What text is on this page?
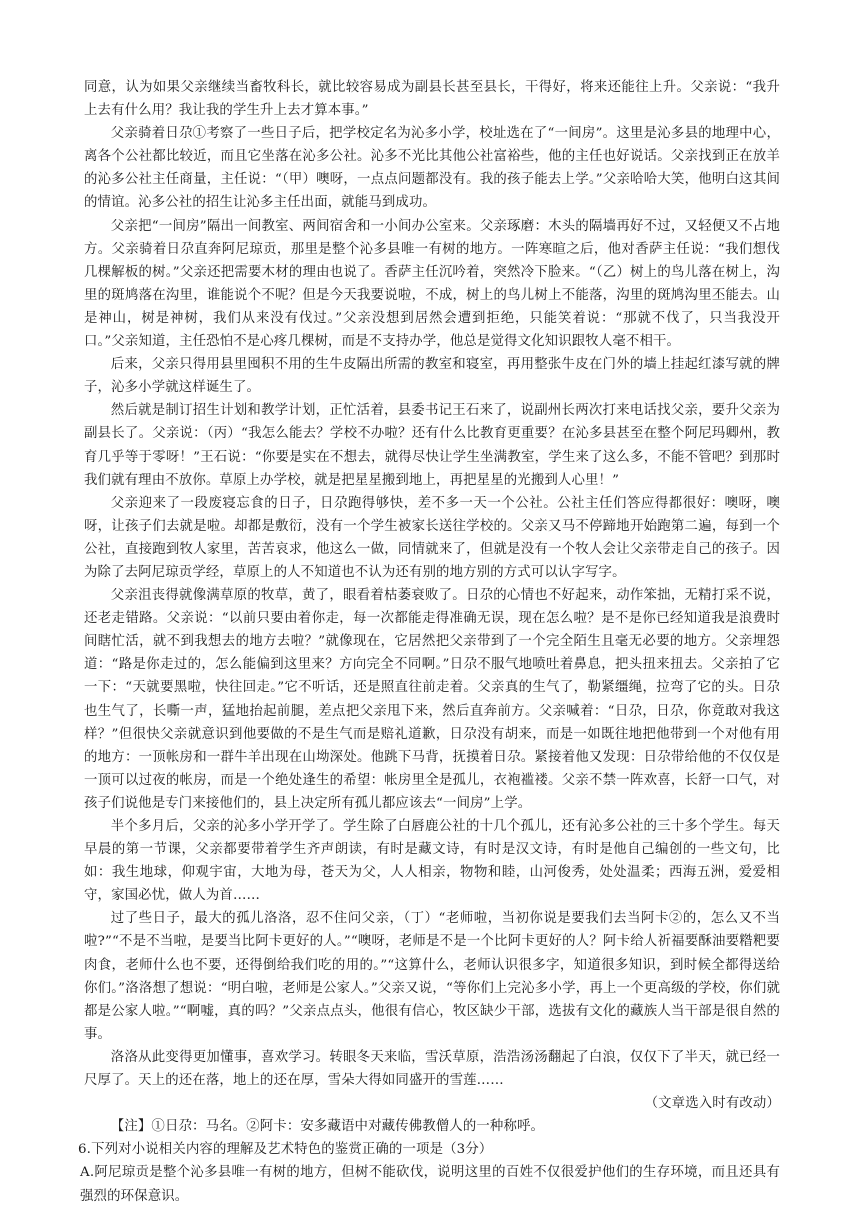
同意，认为如果父亲继续当畜牧科长，就比较容易成为副县长甚至县长，干得好，将来还能往上升。父亲说：“我升上去有什么用？我让我的学生升上去才算本事。”

父亲骑着日尕①考察了一些日子后，把学校定名为沁多小学，校址选在了“一间房”。这里是沁多县的地理中心，离各个公社都比较近，而且它坐落在沁多公社。沁多不光比其他公社富裕些，他的主任也好说话。父亲找到正在放羊的沁多公社主任商量，主任说：“（甲）噢呀，一点点问题都没有。我的孩子能去上学。”父亲哈哈大笑，他明白这其间的情谊。沁多公社的招生让沁多主任出面，就能马到成功。

父亲把“一间房”隔出一间教室、两间宿舍和一小间办公室来。父亲琢磨：木头的隔墙再好不过，又轻便又不占地方。父亲骑着日尕直奔阿尼琼贡，那里是整个沁多县唯一有树的地方。一阵寒暄之后，他对香萨主任说：“我们想伐几棵解板的树。”父亲还把需要木材的理由也说了。香萨主任沉吟着，突然冷下脸来。“（乙）树上的鸟儿落在树上，沟里的斑鸠落在沟里，谁能说个不呢？但是今天我要说啦，不成，树上的鸟儿树上不能落，沟里的斑鸠沟里丕能去。山是神山，树是神树，我们从来没有伐过。”父亲没想到居然会遭到拒绝，只能笑着说：“那就不伐了，只当我没开口。”父亲知道，主任恐怕不是心疼几棵树，而是不支持办学，他总是觉得文化知识跟牧人毫不相干。

后来，父亲只得用县里囤积不用的生牛皮隔出所需的教室和寝室，再用整张牛皮在门外的墙上挂起红漆写就的牌子，沁多小学就这样诞生了。

然后就是制订招生计划和教学计划，正忙活着，县委书记王石来了，说副州长两次打来电话找父亲，要升父亲为副县长了。父亲说：（丙）“我怎么能去？学校不办啦？还有什么比教育更重要？在沁多县甚至在整个阿尼玛卿州，教育几乎等于零呀！”王石说：“你要是实在不想去，就得尽快让学生坐满教室，学生来了这么多，不能不管吧？到那时我们就有理由不放你。草原上办学校，就是把星星搬到地上，再把星星的光搬到人心里！”

父亲迎来了一段废寝忘食的日子，日尕跑得够快，差不多一天一个公社。公社主任们答应得都很好：噢呀，噢呀，让孩子们去就是啦。却都是敷衍，没有一个学生被家长送往学校的。父亲又马不停蹄地开始跑第二遍，每到一个公社，直接跑到牧人家里，苦苦哀求，他这么一做，同情就来了，但就是没有一个牧人会让父亲带走自己的孩子。因为除了去阿尼琼贡学经，草原上的人不知道也不认为还有别的地方别的方式可以认字写字。

父亲沮丧得就像满草原的牧草，黄了，眼看着枯萎衰败了。日尕的心情也不好起来，动作笨拙，无精打采不说，还老走错路。父亲说：“以前只要由着你走，每一次都能走得准确无误，现在怎么啦？是不是你已经知道我是浪费时间瞎忙活，就不到我想去的地方去啦？”就像现在，它居然把父亲带到了一个完全陌生且毫无必要的地方。父亲埋怨道：“路是你走过的，怎么能偏到这里来？方向完全不同啊。”日尕不服气地喷吐着鼻息，把头扭来扭去。父亲拍了它一下：“天就要黑啦，快往回走。”它不听话，还是照直往前走着。父亲真的生气了，勒紧缰绳，拉弯了它的头。日尕也生气了，长嘶一声，猛地抬起前腿，差点把父亲甩下来，然后直奔前方。父亲喊着：“日尕，日尕，你竟敢对我这样？”但很快父亲就意识到他要做的不是生气而是赔礼道歉，日尕没有胡来，而是一如既往地把他带到一个对他有用的地方：一顶帐房和一群牛羊出现在山坳深处。他跳下马背，抚摸着日尕。紧接着他又发现：日尕带给他的不仅仅是一顶可以过夜的帐房，而是一个绝处逢生的希望：帐房里全是孤儿，衣袍褴褛。父亲不禁一阵欢喜，长舒一口气，对孩子们说他是专门来接他们的，县上决定所有孤儿都应该去“一间房”上学。

半个多月后，父亲的沁多小学开学了。学生除了白唇鹿公社的十几个孤儿，还有沁多公社的三十多个学生。每天早晨的第一节课，父亲都要带着学生齐声朗读，有时是藏文诗，有时是汉文诗，有时是他自己编创的一些文句，比如：我生地球，仰观宇宙，大地为母，苍天为父，人人相亲，物物和睦，山河俊秀，处处温柔；西海五洲，爱爱相守，家国必忧，做人为首……

过了些日子，最大的孤儿洛洛，忍不住问父亲，（丁）“老师啦，当初你说是要我们去当阿卡②的，怎么又不当啦?”“不是不当啦，是要当比阿卡更好的人。”“噢呀，老师是不是一个比阿卡更好的人？阿卡给人祈福要酥油要糌粑要肉食，老师什么也不要，还得倒给我们吃的用的。”“这算什么，老师认识很多字，知道很多知识，到时候全都得送给你们。”洛洛想了想说：“明白啦，老师是公家人。”父亲又说，“等你们上完沁多小学，再上一个更高级的学校，你们就都是公家人啦。”“啊嘘，真的吗？”父亲点点头，他很有信心，牧区缺少干部，选拔有文化的藏族人当干部是很自然的事。

洛洛从此变得更加懂事，喜欢学习。转眼冬天来临，雪沃草原，浩浩汤汤翻起了白浪，仅仅下了半天，就已经一尺厚了。天上的还在落，地上的还在厚，雪朵大得如同盛开的雪莲……

（文章选入时有改动）

【注】①日尕：马名。②阿卡：安多藏语中对藏传佛教僧人的一种称呼。

6.下列对小说相关内容的理解及艺术特色的鉴赏正确的一项是（3分）

A.阿尼琼贡是整个沁多县唯一有树的地方，但树不能砍伐，说明这里的百姓不仅很爱护他们的生存环境，而且还具有强烈的环保意识。
